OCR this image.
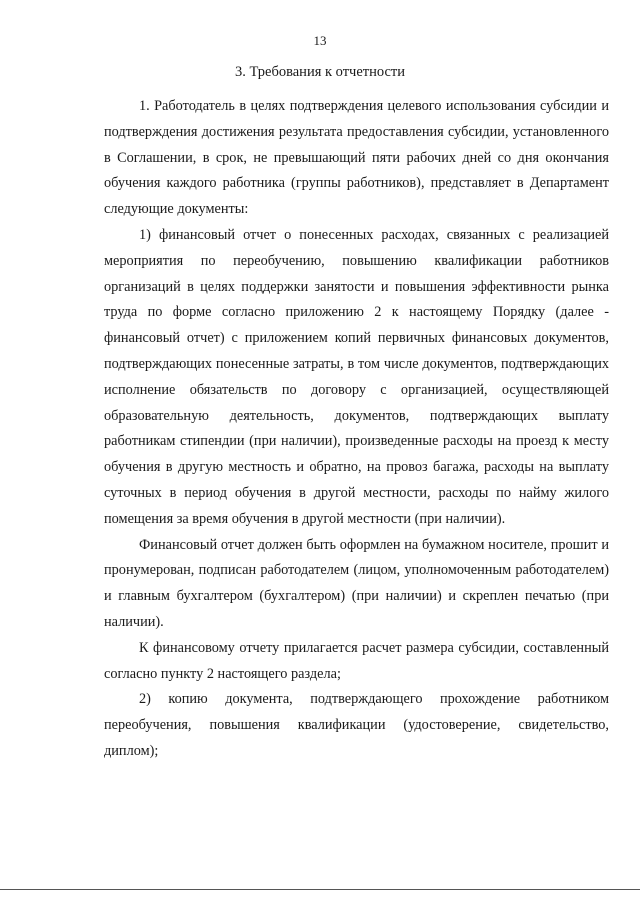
13
3. Требования к отчетности

1. Работодатель в целях подтверждения целевого использования субсидии и подтверждения достижения результата предоставления субсидии, установленного в Соглашении, в срок, не превышающий пяти рабочих дней со дня окончания обучения каждого работника (группы работников), представляет в Департамент следующие документы:

1) финансовый отчет о понесенных расходах, связанных с реализацией мероприятия по переобучению, повышению квалификации работников организаций в целях поддержки занятости и повышения эффективности рынка труда по форме согласно приложению 2 к настоящему Порядку (далее - финансовый отчет) с приложением копий первичных финансовых документов, подтверждающих понесенные затраты, в том числе документов, подтверждающих исполнение обязательств по договору с организацией, осуществляющей образовательную деятельность, документов, подтверждающих выплату работникам стипендии (при наличии), произведенные расходы на проезд к месту обучения в другую местность и обратно, на провоз багажа, расходы на выплату суточных в период обучения в другой местности, расходы по найму жилого помещения за время обучения в другой местности (при наличии).

Финансовый отчет должен быть оформлен на бумажном носителе, прошит и пронумерован, подписан работодателем (лицом, уполномоченным работодателем) и главным бухгалтером (бухгалтером) (при наличии) и скреплен печатью (при наличии).

К финансовому отчету прилагается расчет размера субсидии, составленный согласно пункту 2 настоящего раздела;

2) копию документа, подтверждающего прохождение работником переобучения, повышения квалификации (удостоверение, свидетельство, диплом);
